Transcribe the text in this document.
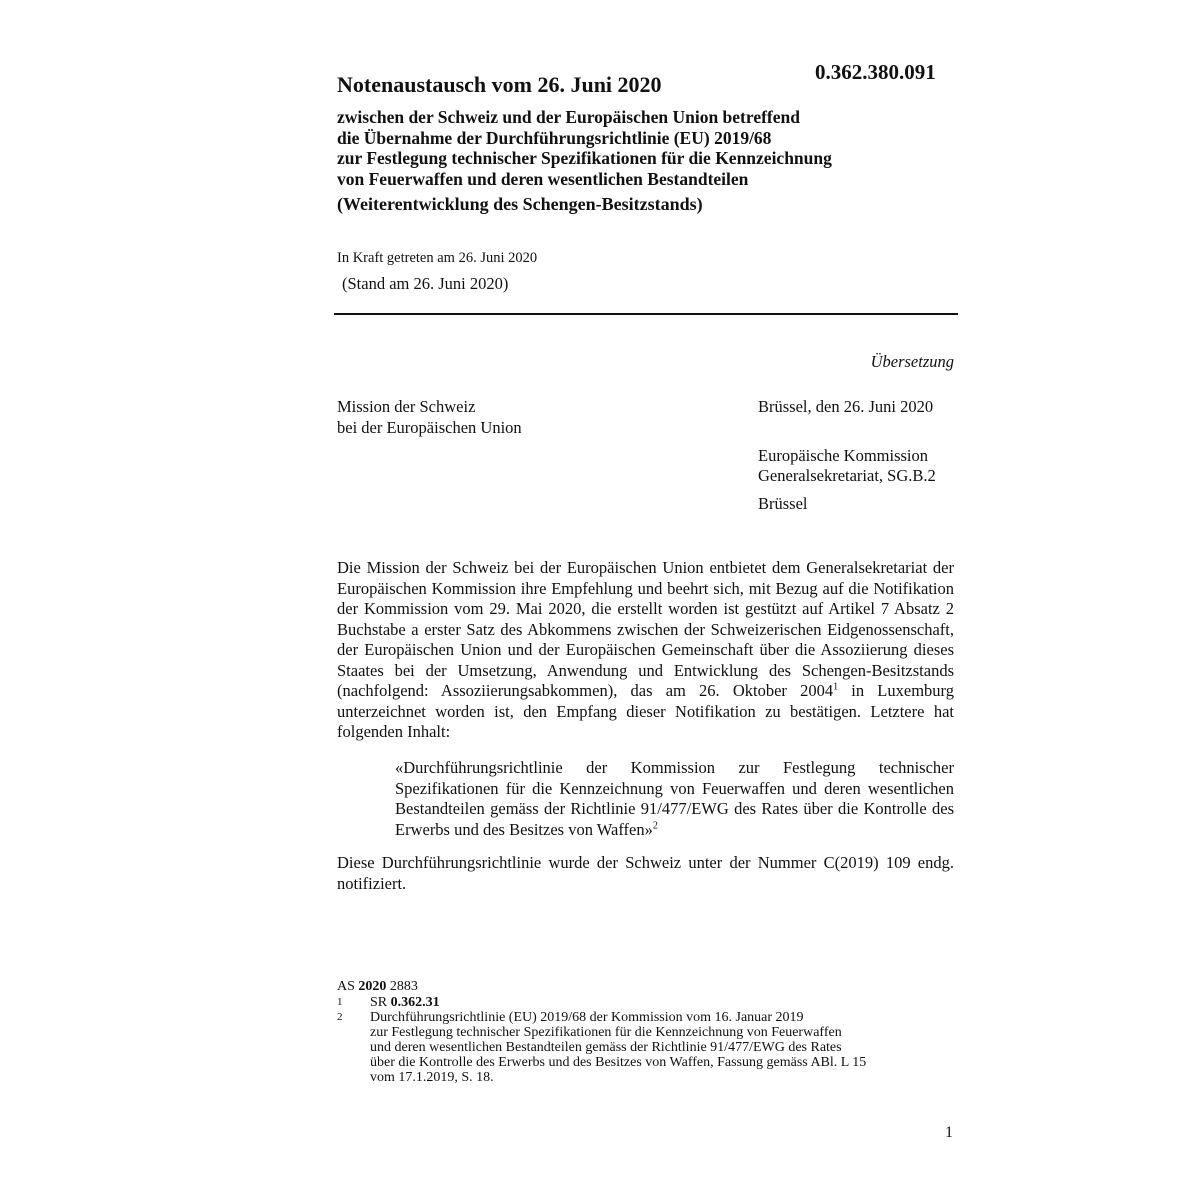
0.362.380.091
Notenaustausch vom 26. Juni 2020
zwischen der Schweiz und der Europäischen Union betreffend
die Übernahme der Durchführungsrichtlinie (EU) 2019/68
zur Festlegung technischer Spezifikationen für die Kennzeichnung
von Feuerwaffen und deren wesentlichen Bestandteilen
(Weiterentwicklung des Schengen-Besitzstands)
In Kraft getreten am 26. Juni 2020
(Stand am 26. Juni 2020)
Übersetzung
Mission der Schweiz
bei der Europäischen Union
Brüssel, den 26. Juni 2020
Europäische Kommission
Generalsekretariat, SG.B.2
Brüssel
Die Mission der Schweiz bei der Europäischen Union entbietet dem Generalsekretariat der Europäischen Kommission ihre Empfehlung und beehrt sich, mit Bezug auf die Notifikation der Kommission vom 29. Mai 2020, die erstellt worden ist gestützt auf Artikel 7 Absatz 2 Buchstabe a erster Satz des Abkommens zwischen der Schweizerischen Eidgenossenschaft, der Europäischen Union und der Europäischen Gemeinschaft über die Assoziierung dieses Staates bei der Umsetzung, Anwendung und Entwicklung des Schengen-Besitzstands (nachfolgend: Assoziierungsabkommen), das am 26. Oktober 2004$^1$ in Luxemburg unterzeichnet worden ist, den Empfang dieser Notifikation zu bestätigen. Letztere hat folgenden Inhalt:
«Durchführungsrichtlinie der Kommission zur Festlegung technischer Spezifikationen für die Kennzeichnung von Feuerwaffen und deren wesentlichen Bestandteilen gemäss der Richtlinie 91/477/EWG des Rates über die Kontrolle des Erwerbs und des Besitzes von Waffen»$^2$
Diese Durchführungsrichtlinie wurde der Schweiz unter der Nummer C(2019) 109 endg. notifiziert.
AS 2020 2883
1	SR 0.362.31
2	Durchführungsrichtlinie (EU) 2019/68 der Kommission vom 16. Januar 2019
zur Festlegung technischer Spezifikationen für die Kennzeichnung von Feuerwaffen
und deren wesentlichen Bestandteilen gemäss der Richtlinie 91/477/EWG des Rates
über die Kontrolle des Erwerbs und des Besitzes von Waffen, Fassung gemäss ABl. L 15
vom 17.1.2019, S. 18.
1
